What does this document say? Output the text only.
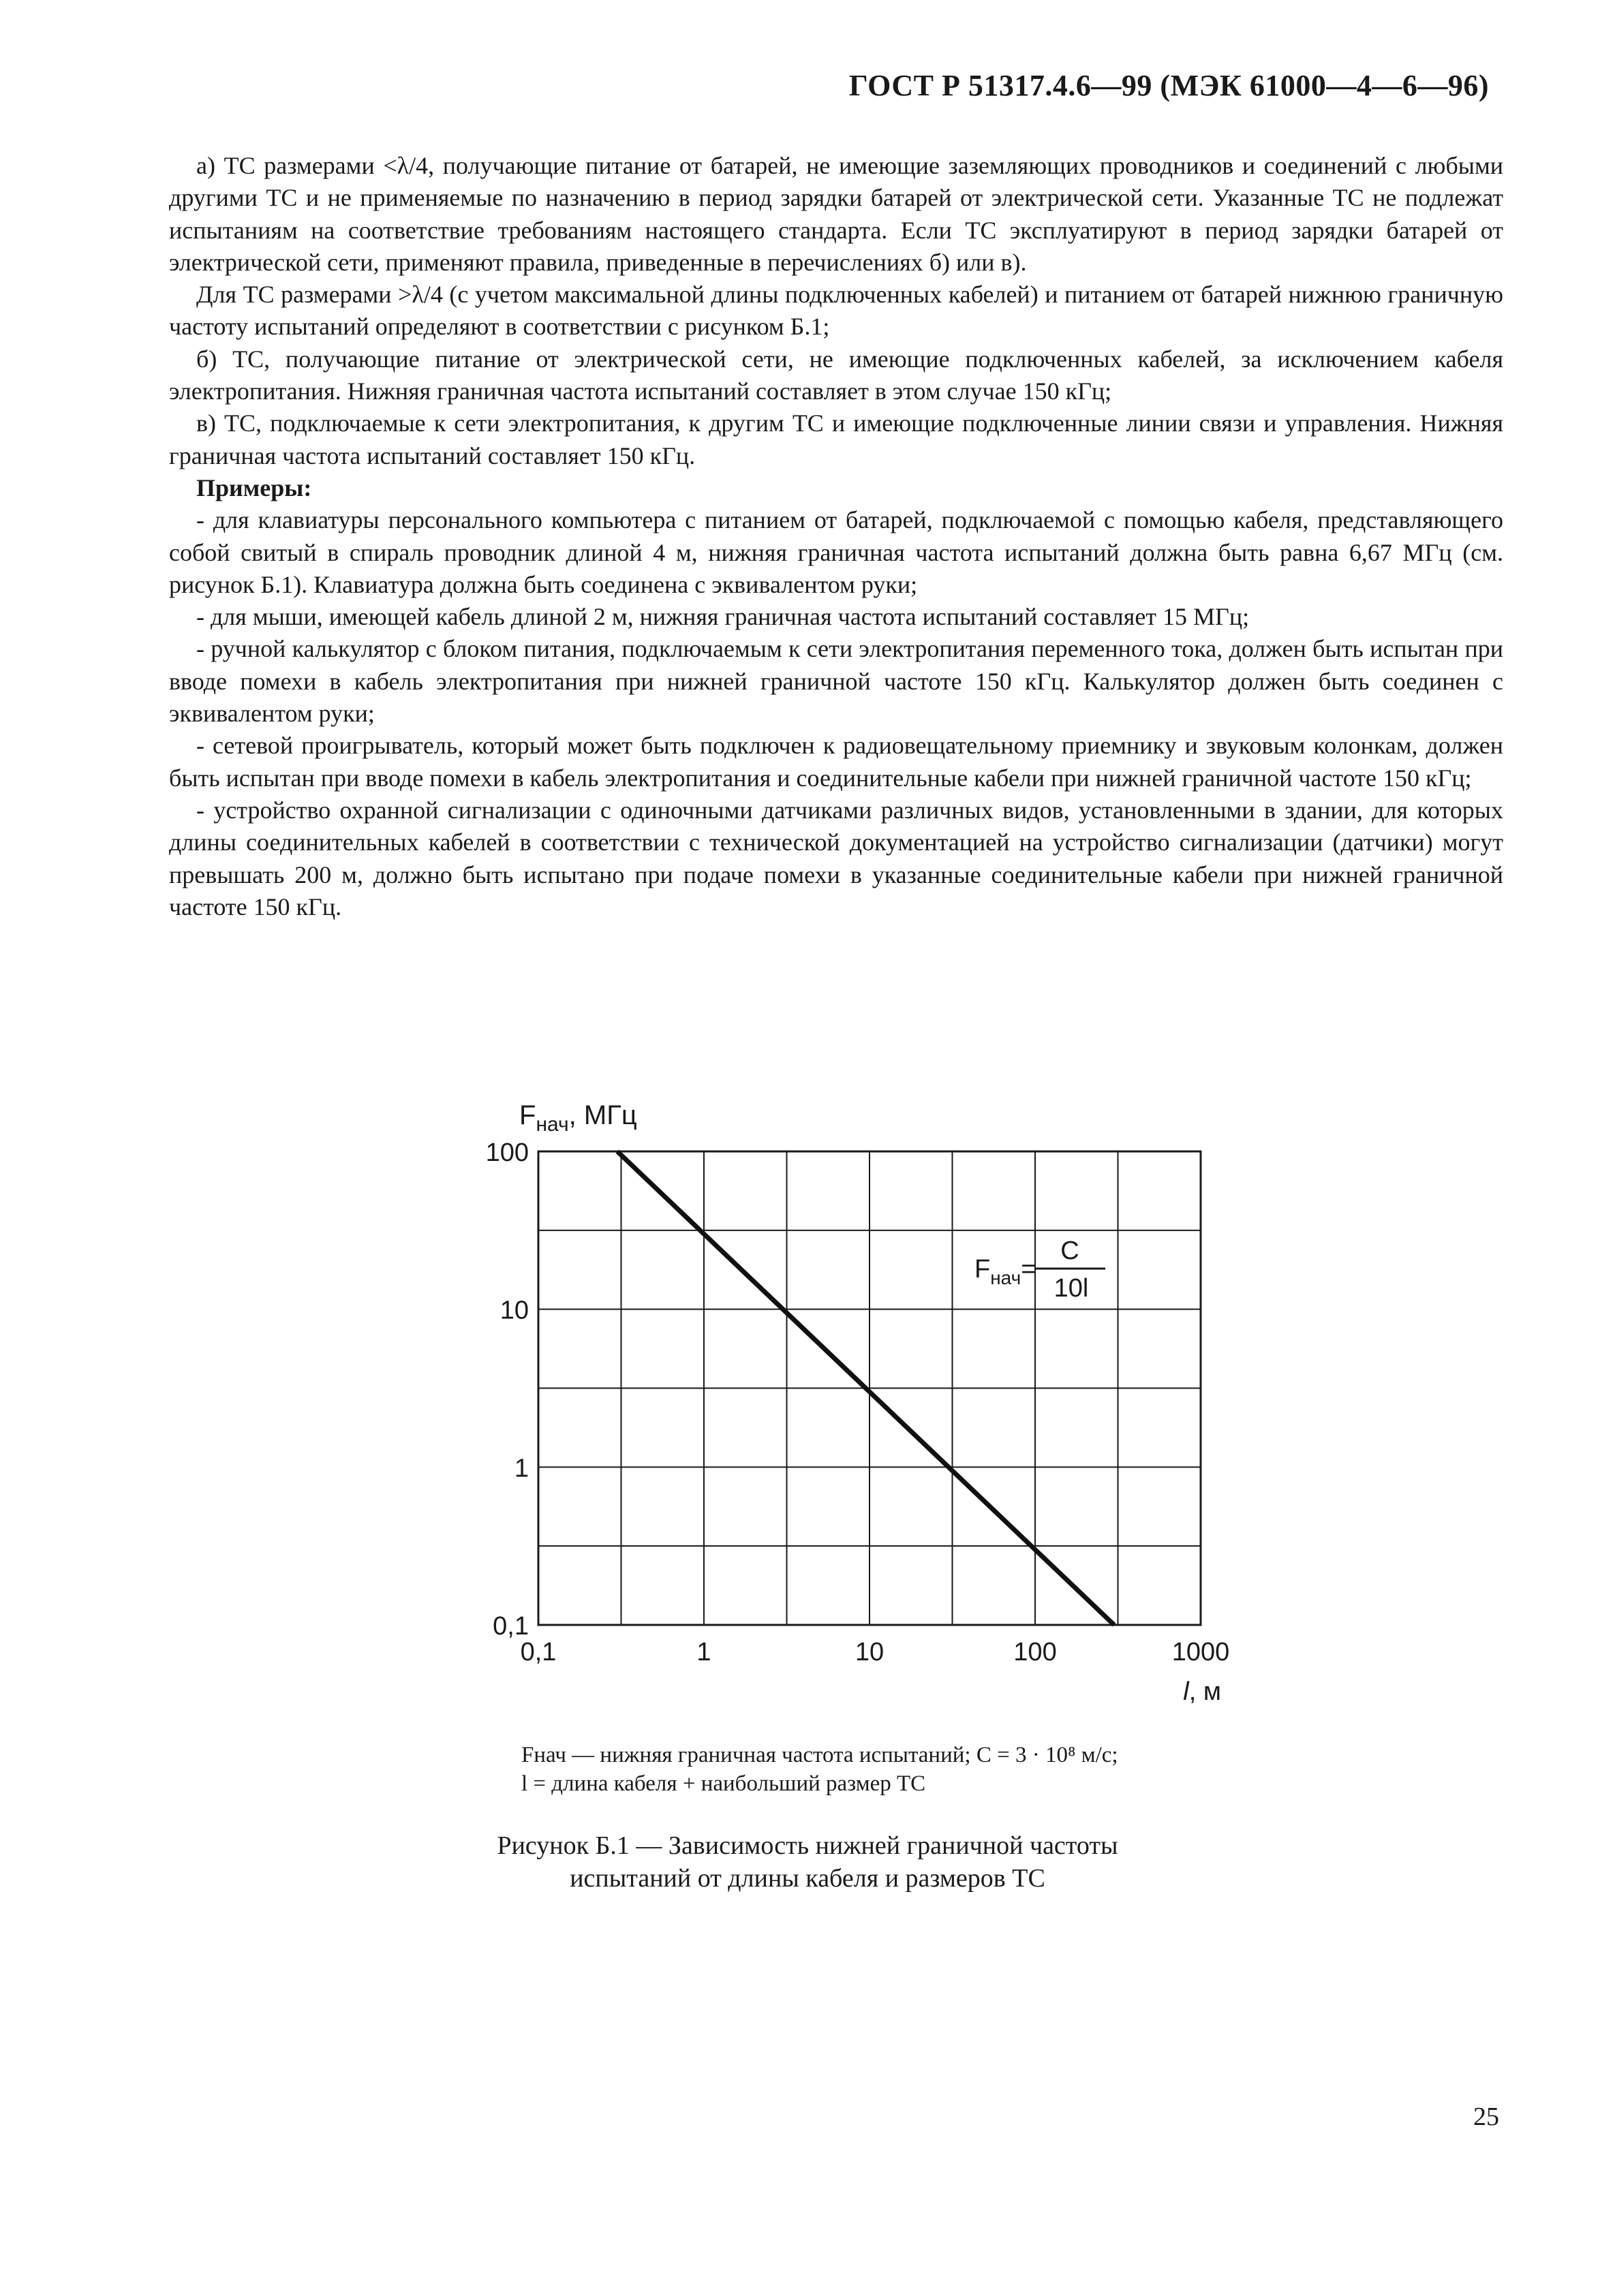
ГОСТ Р 51317.4.6—99 (МЭК 61000—4—6—96)

а) ТС размерами <λ/4, получающие питание от батарей, не имеющие заземляющих проводников и соединений с любыми другими ТС и не применяемые по назначению в период зарядки батарей от электрической сети. Указанные ТС не подлежат испытаниям на соответствие требованиям настоящего стандарта. Если ТС эксплуатируют в период зарядки батарей от электрической сети, применяют правила, приведенные в перечислениях б) или в).

Для ТС размерами >λ/4 (с учетом максимальной длины подключенных кабелей) и питанием от батарей нижнюю граничную частоту испытаний определяют в соответствии с рисунком Б.1;

б) ТС, получающие питание от электрической сети, не имеющие подключенных кабелей, за исключением кабеля электропитания. Нижняя граничная частота испытаний составляет в этом случае 150 кГц;

в) ТС, подключаемые к сети электропитания, к другим ТС и имеющие подключенные линии связи и управления. Нижняя граничная частота испытаний составляет 150 кГц.

Примеры:

- для клавиатуры персонального компьютера с питанием от батарей, подключаемой с помощью кабеля, представляющего собой свитый в спираль проводник длиной 4 м, нижняя граничная частота испытаний должна быть равна 6,67 МГц (см. рисунок Б.1). Клавиатура должна быть соединена с эквивалентом руки;

- для мыши, имеющей кабель длиной 2 м, нижняя граничная частота испытаний составляет 15 МГц;

- ручной калькулятор с блоком питания, подключаемым к сети электропитания переменного тока, должен быть испытан при вводе помехи в кабель электропитания при нижней граничной частоте 150 кГц. Калькулятор должен быть соединен с эквивалентом руки;

- сетевой проигрыватель, который может быть подключен к радиовещательному приемнику и звуковым колонкам, должен быть испытан при вводе помехи в кабель электропитания и соединительные кабели при нижней граничной частоте 150 кГц;

- устройство охранной сигнализации с одиночными датчиками различных видов, установленными в здании, для которых длины соединительных кабелей в соответствии с технической документацией на устройство сигнализации (датчики) могут превышать 200 м, должно быть испытано при подаче помехи в указанные соединительные кабели при нижней граничной частоте 150 кГц.

0,1	1	10	100	1000
100
10
1
0,1
$F_{нач}$, МГц
l, м
$F_{нач}=$
C
10l
Fнач — нижняя граничная частота испытаний; C = 3 · 10⁸ м/с;
l = длина кабеля + наибольший размер ТС
Рисунок Б.1 — Зависимость нижней граничной частоты
испытаний от длины кабеля и размеров ТС
25
